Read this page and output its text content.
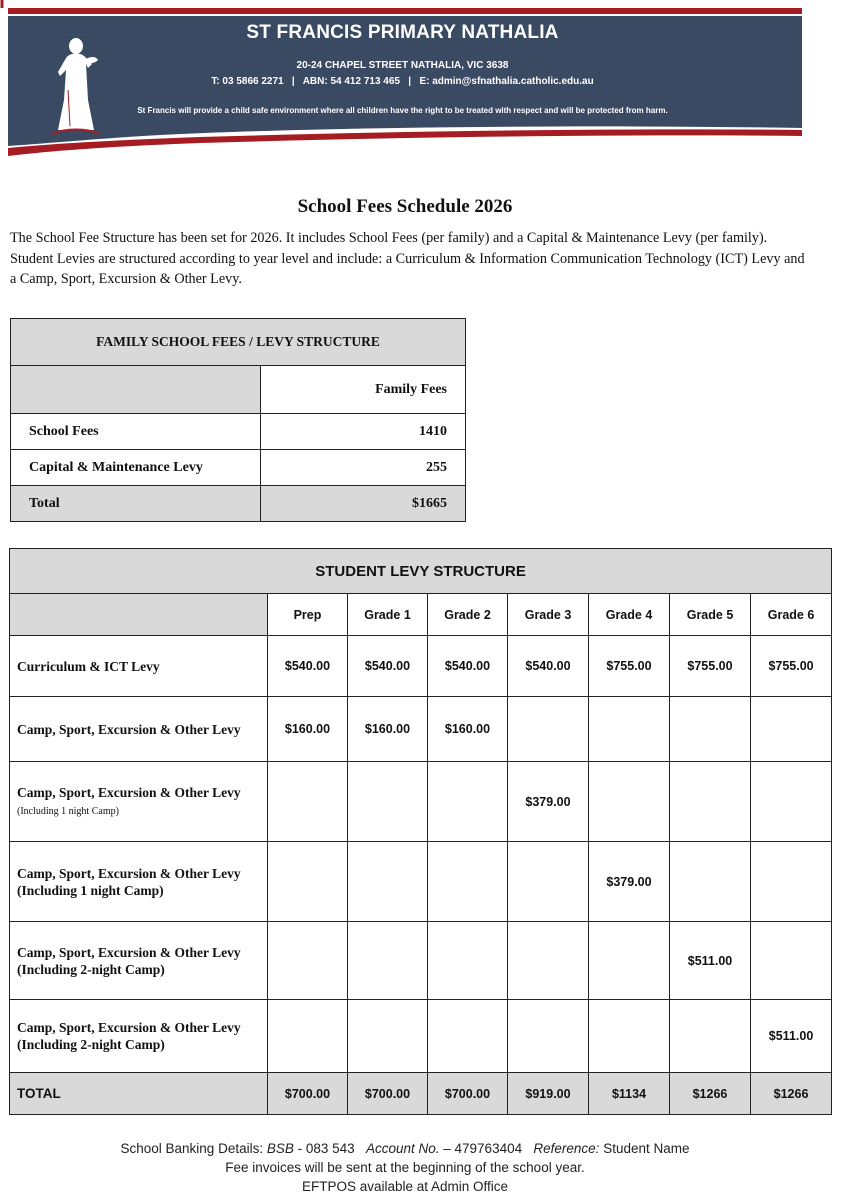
ST FRANCIS PRIMARY NATHALIA
20-24 CHAPEL STREET NATHALIA, VIC 3638
T: 03 5866 2271   |   ABN: 54 412 713 465   |   E: admin@sfnathalia.catholic.edu.au
St Francis will provide a child safe environment where all children have the right to be treated with respect and will be protected from harm.
School Fees Schedule 2026

The School Fee Structure has been set for 2026. It includes School Fees (per family) and a Capital & Maintenance Levy (per family). Student Levies are structured according to year level and include: a Curriculum & Information Communication Technology (ICT) Levy and a Camp, Sport, Excursion & Other Levy.

FAMILY SCHOOL FEES / LEVY STRUCTURE	
	Family Fees
School Fees	1410
Capital & Maintenance Levy	255
Total	$1665
STUDENT LEVY STRUCTURE							
	Prep	Grade 1	Grade 2	Grade 3	Grade 4	Grade 5	Grade 6
Curriculum & ICT Levy	$540.00	$540.00	$540.00	$540.00	$755.00	$755.00	$755.00
Camp, Sport, Excursion & Other Levy	$160.00	$160.00	$160.00				
Camp, Sport, Excursion & Other Levy (Including 1 night Camp)				$379.00			
Camp, Sport, Excursion & Other Levy (Including 1 night Camp)					$379.00		
Camp, Sport, Excursion & Other Levy (Including 2-night Camp)						$511.00	
Camp, Sport, Excursion & Other Levy (Including 2-night Camp)							$511.00
TOTAL	$700.00	$700.00	$700.00	$919.00	$1134	$1266	$1266
School Banking Details: BSB - 083 543 Account No. – 479763404 Reference: Student Name
Fee invoices will be sent at the beginning of the school year.
EFTPOS available at Admin Office
